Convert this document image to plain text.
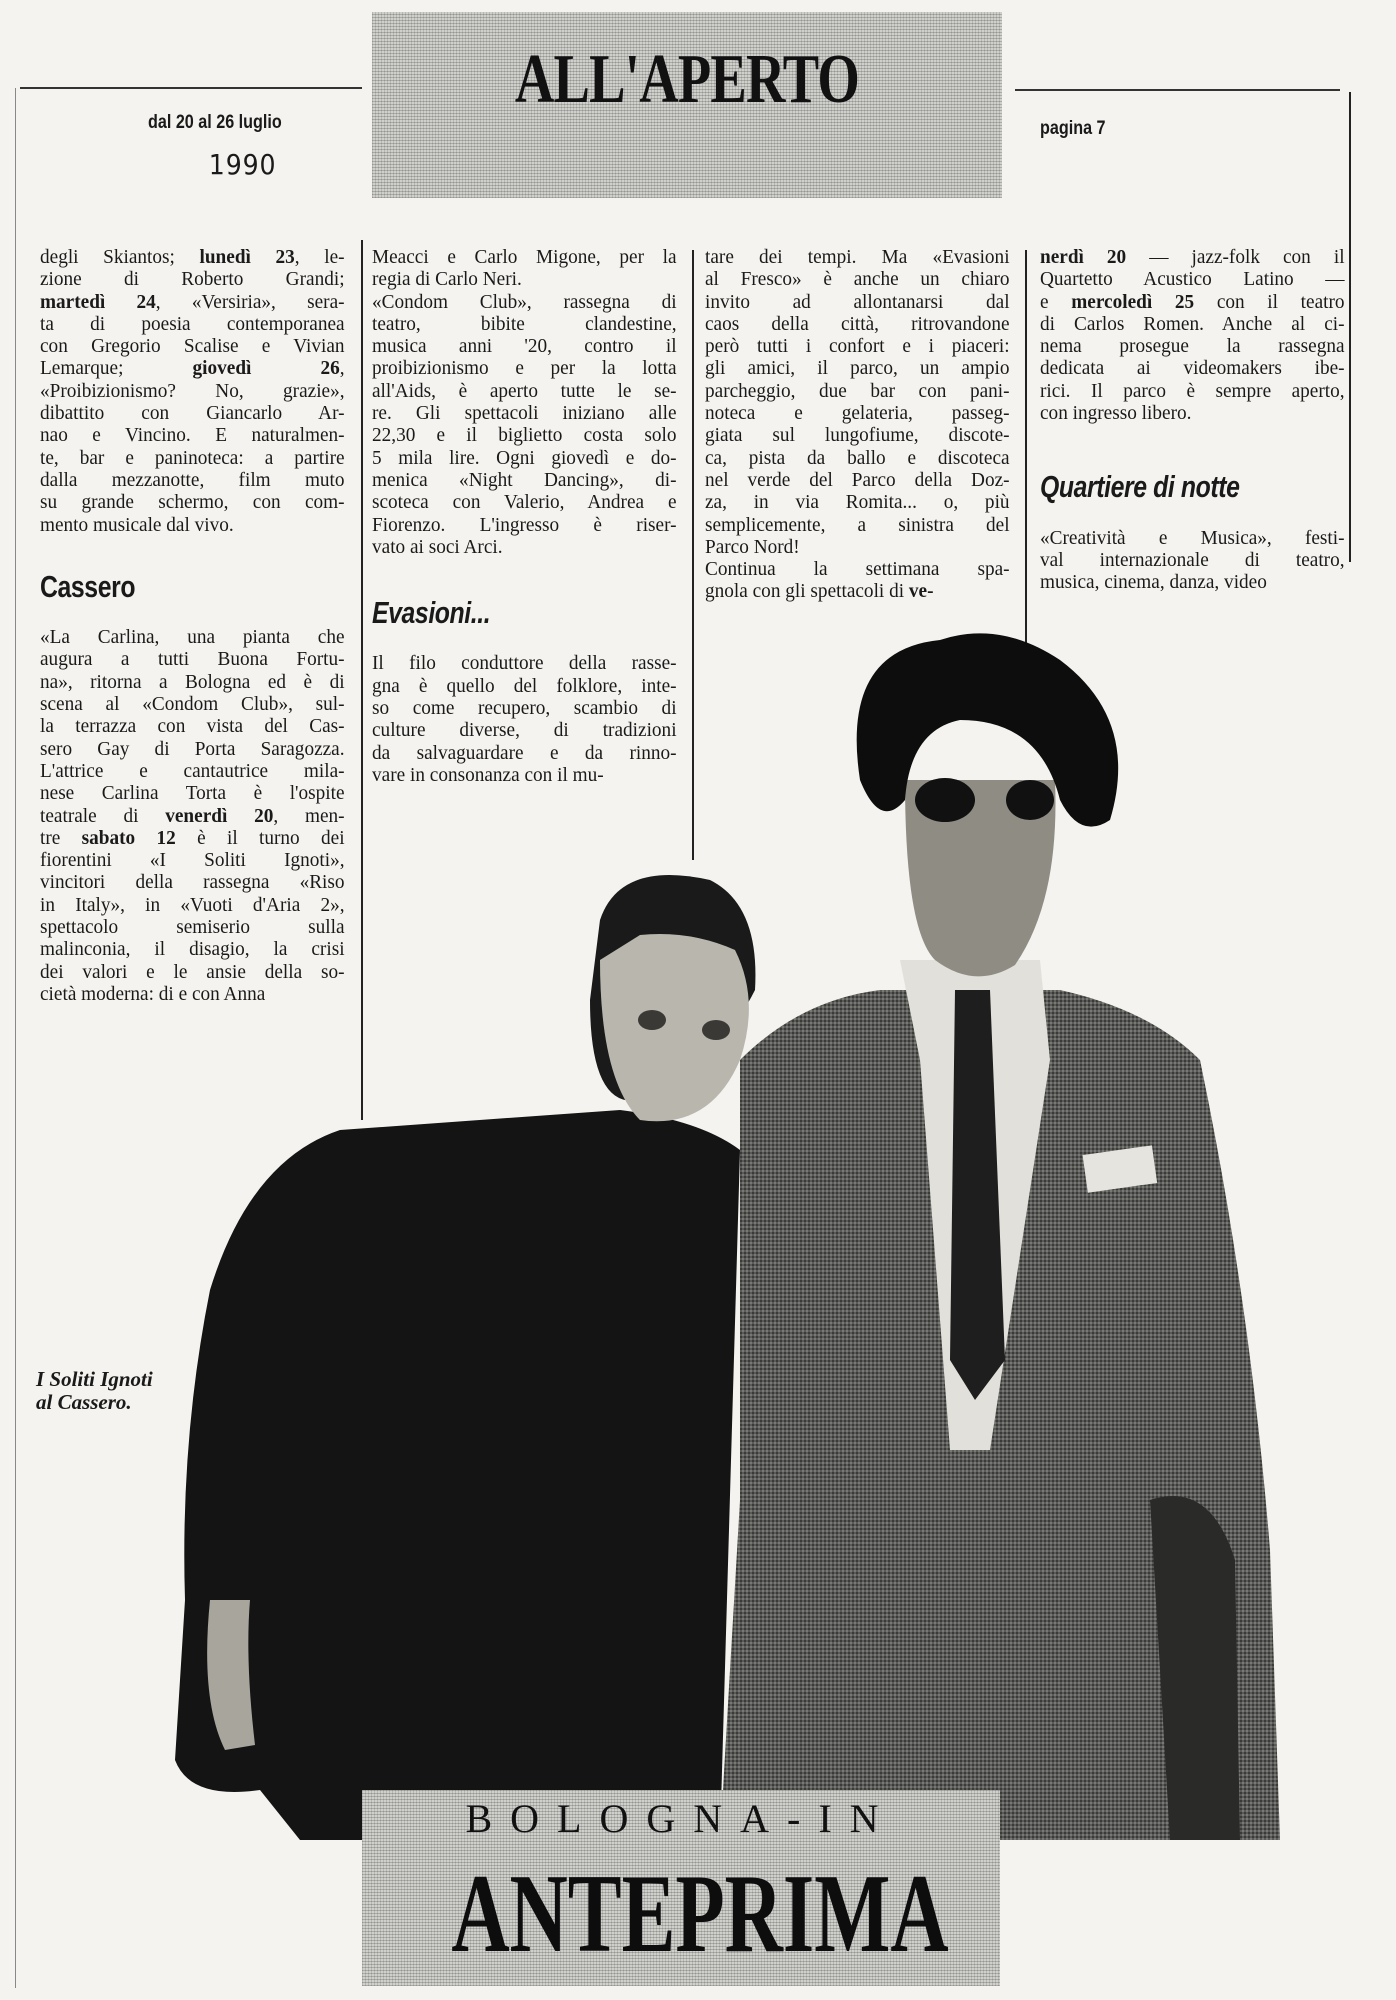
ALL'APERTO
dal 20 al 26 luglio
1990
pagina 7
degli Skiantos; lunedì 23, le-
zione di Roberto Grandi;
martedì 24, «Versiria», sera-
ta di poesia contemporanea
con Gregorio Scalise e Vivian
Lemarque; giovedì 26,
«Proibizionismo? No, grazie»,
dibattito con Giancarlo Ar-
nao e Vincino. E naturalmen-
te, bar e paninoteca: a partire
dalla mezzanotte, film muto
su grande schermo, con com-
mento musicale dal vivo.
Cassero
«La Carlina, una pianta che
augura a tutti Buona Fortu-
na», ritorna a Bologna ed è di
scena al «Condom Club», sul-
la terrazza con vista del Cas-
sero Gay di Porta Saragozza.
L'attrice e cantautrice mila-
nese Carlina Torta è l'ospite
teatrale di venerdì 20, men-
tre sabato 12 è il turno dei
fiorentini «I Soliti Ignoti»,
vincitori della rassegna «Riso
in Italy», in «Vuoti d'Aria 2»,
spettacolo semiserio sulla
malinconia, il disagio, la crisi
dei valori e le ansie della so-
cietà moderna: di e con Anna
Meacci e Carlo Migone, per la
regia di Carlo Neri.
«Condom Club», rassegna di
teatro, bibite clandestine,
musica anni '20, contro il
proibizionismo e per la lotta
all'Aids, è aperto tutte le se-
re. Gli spettacoli iniziano alle
22,30 e il biglietto costa solo
5 mila lire. Ogni giovedì e do-
menica «Night Dancing», di-
scoteca con Valerio, Andrea e
Fiorenzo. L'ingresso è riser-
vato ai soci Arci.
Evasioni...
Il filo conduttore della rasse-
gna è quello del folklore, inte-
so come recupero, scambio di
culture diverse, di tradizioni
da salvaguardare e da rinno-
vare in consonanza con il mu-
tare dei tempi. Ma «Evasioni
al Fresco» è anche un chiaro
invito ad allontanarsi dal
caos della città, ritrovandone
però tutti i confort e i piaceri:
gli amici, il parco, un ampio
parcheggio, due bar con pani-
noteca e gelateria, passeg-
giata sul lungofiume, discote-
ca, pista da ballo e discoteca
nel verde del Parco della Doz-
za, in via Romita... o, più
semplicemente, a sinistra del
Parco Nord!
Continua la settimana spa-
gnola con gli spettacoli di ve-
nerdì 20 — jazz-folk con il
Quartetto Acustico Latino —
e mercoledì 25 con il teatro
di Carlos Romen. Anche al ci-
nema prosegue la rassegna
dedicata ai videomakers ibe-
rici. Il parco è sempre aperto,
con ingresso libero.
Quartiere di notte
«Creatività e Musica», festi-
val internazionale di teatro,
musica, cinema, danza, video
I Soliti Ignoti
al Cassero.
BOLOGNA-IN
ANTEPRIMA
